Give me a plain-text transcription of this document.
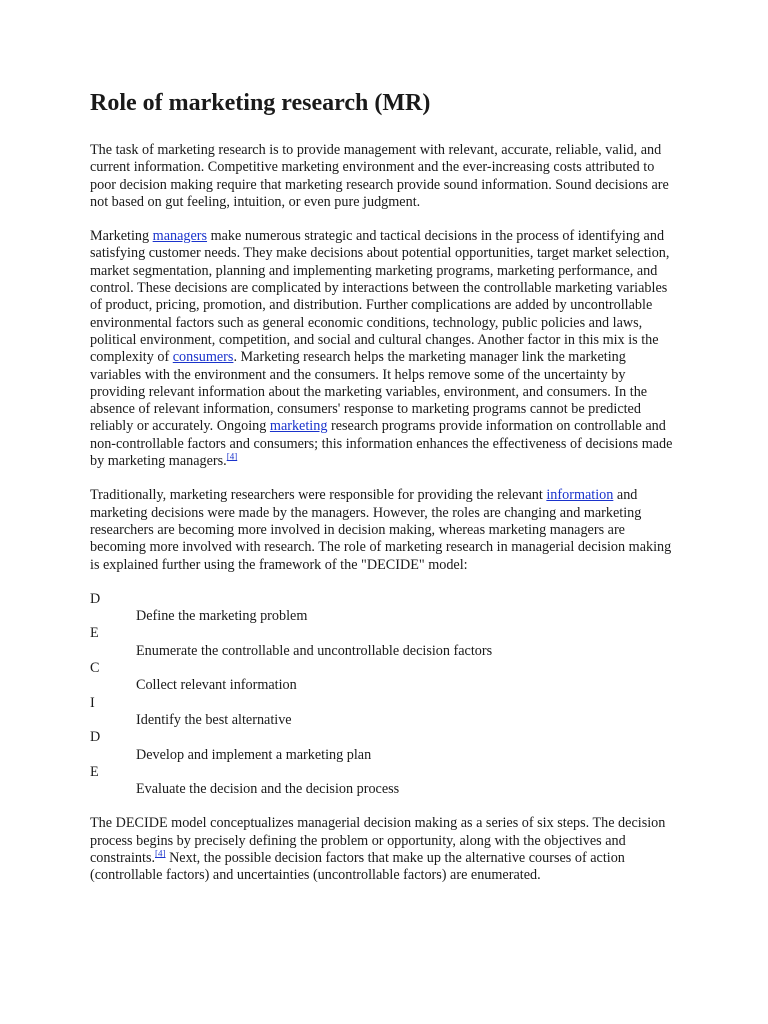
Role of marketing research (MR)

The task of marketing research is to provide management with relevant, accurate, reliable, valid, and current information. Competitive marketing environment and the ever-increasing costs attributed to poor decision making require that marketing research provide sound information. Sound decisions are not based on gut feeling, intuition, or even pure judgment.

Marketing managers make numerous strategic and tactical decisions in the process of identifying and satisfying customer needs. They make decisions about potential opportunities, target market selection, market segmentation, planning and implementing marketing programs, marketing performance, and control. These decisions are complicated by interactions between the controllable marketing variables of product, pricing, promotion, and distribution. Further complications are added by uncontrollable environmental factors such as general economic conditions, technology, public policies and laws, political environment, competition, and social and cultural changes. Another factor in this mix is the complexity of consumers. Marketing research helps the marketing manager link the marketing variables with the environment and the consumers. It helps remove some of the uncertainty by providing relevant information about the marketing variables, environment, and consumers. In the absence of relevant information, consumers' response to marketing programs cannot be predicted reliably or accurately. Ongoing marketing research programs provide information on controllable and non-controllable factors and consumers; this information enhances the effectiveness of decisions made by marketing managers.[4]

Traditionally, marketing researchers were responsible for providing the relevant information and marketing decisions were made by the managers. However, the roles are changing and marketing researchers are becoming more involved in decision making, whereas marketing managers are becoming more involved with research. The role of marketing research in managerial decision making is explained further using the framework of the "DECIDE" model:

D
Define the marketing problem
E
Enumerate the controllable and uncontrollable decision factors
C
Collect relevant information
I
Identify the best alternative
D
Develop and implement a marketing plan
E
Evaluate the decision and the decision process

The DECIDE model conceptualizes managerial decision making as a series of six steps. The decision process begins by precisely defining the problem or opportunity, along with the objectives and constraints.[4] Next, the possible decision factors that make up the alternative courses of action (controllable factors) and uncertainties (uncontrollable factors) are enumerated.
